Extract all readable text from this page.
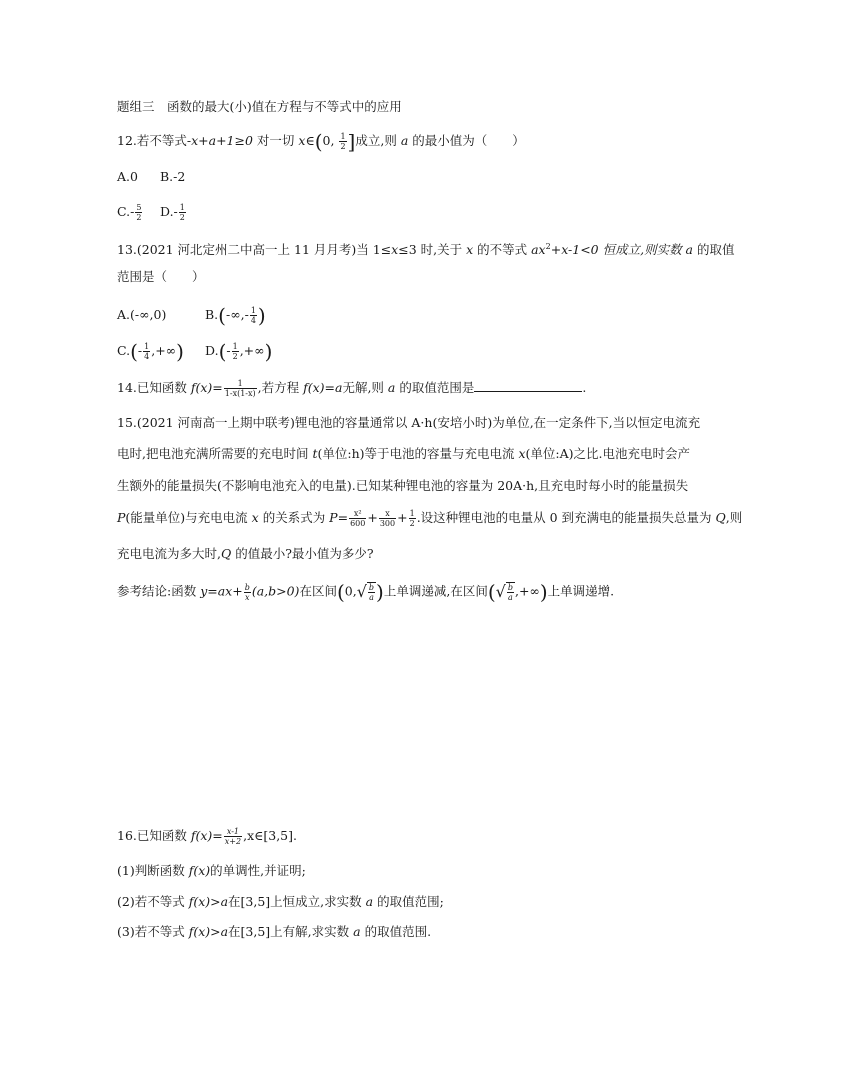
题组三　函数的最大(小)值在方程与不等式中的应用
12.若不等式-x+a+1≥0 对一切 x∈(0, $\frac{1}{2}$ ]成立,则 a 的最小值为（　　）
A.0 B.-2
$C.- \frac{5}{2} D.- \frac{1}{2}$
13.(2021 河北定州二中高一上 11 月月考)当 1≤x≤3 时,关于 x 的不等式 $ax^2+x-1<0$ 恒成立,则实数 a 的取值
范围是（　　）
A.(-∞,0)	$B.(-\infty,- \frac{1}{4}$ )
$C.(- \frac{1}{4}$ ,+∞) $D.(- \frac{1}{2}$ ,+∞)
14.已知函数 $f(x)= \frac{1}{1-x(1-x)}$ ,若方程 f(x)=a无解,则 a 的取值范围是	.
15.(2021 河南高一上期中联考)锂电池的容量通常以 A·h(安培小时)为单位,在一定条件下,当以恒定电流充
电时,把电池充满所需要的充电时间 t(单位:h)等于电池的容量与充电电流 x(单位:A)之比.电池充电时会产
生额外的能量损失(不影响电池充入的电量).已知某种锂电池的容量为 20A·h,且充电时每小时的能量损失
P(能量单位)与充电电流 x 的关系式为 $P= \frac{\text{x²}}{600} + \frac{x}{300} + \frac{1}{2}$ .设这种锂电池的电量从 0 到充满电的能量损失总量为 Q,则
充电电流为多大时,Q 的值最小?最小值为多少?
参考结论:函数 $y=ax+ \frac{b}{x} (a,b>0)$在区间($0,√ \frac{b}{a}$ )上单调递减,在区间(√ $\frac{b}{a}$ ,+∞)上单调递增.
16.已知函数 $f(x)= \frac{x-1}{x+2}$ ,x∈[3,5].
(1)判断函数 f(x)的单调性,并证明;
(2)若不等式 f(x)>a在[3,5]上恒成立,求实数 a 的取值范围;
(3)若不等式 f(x)>a在[3,5]上有解,求实数 a 的取值范围.
